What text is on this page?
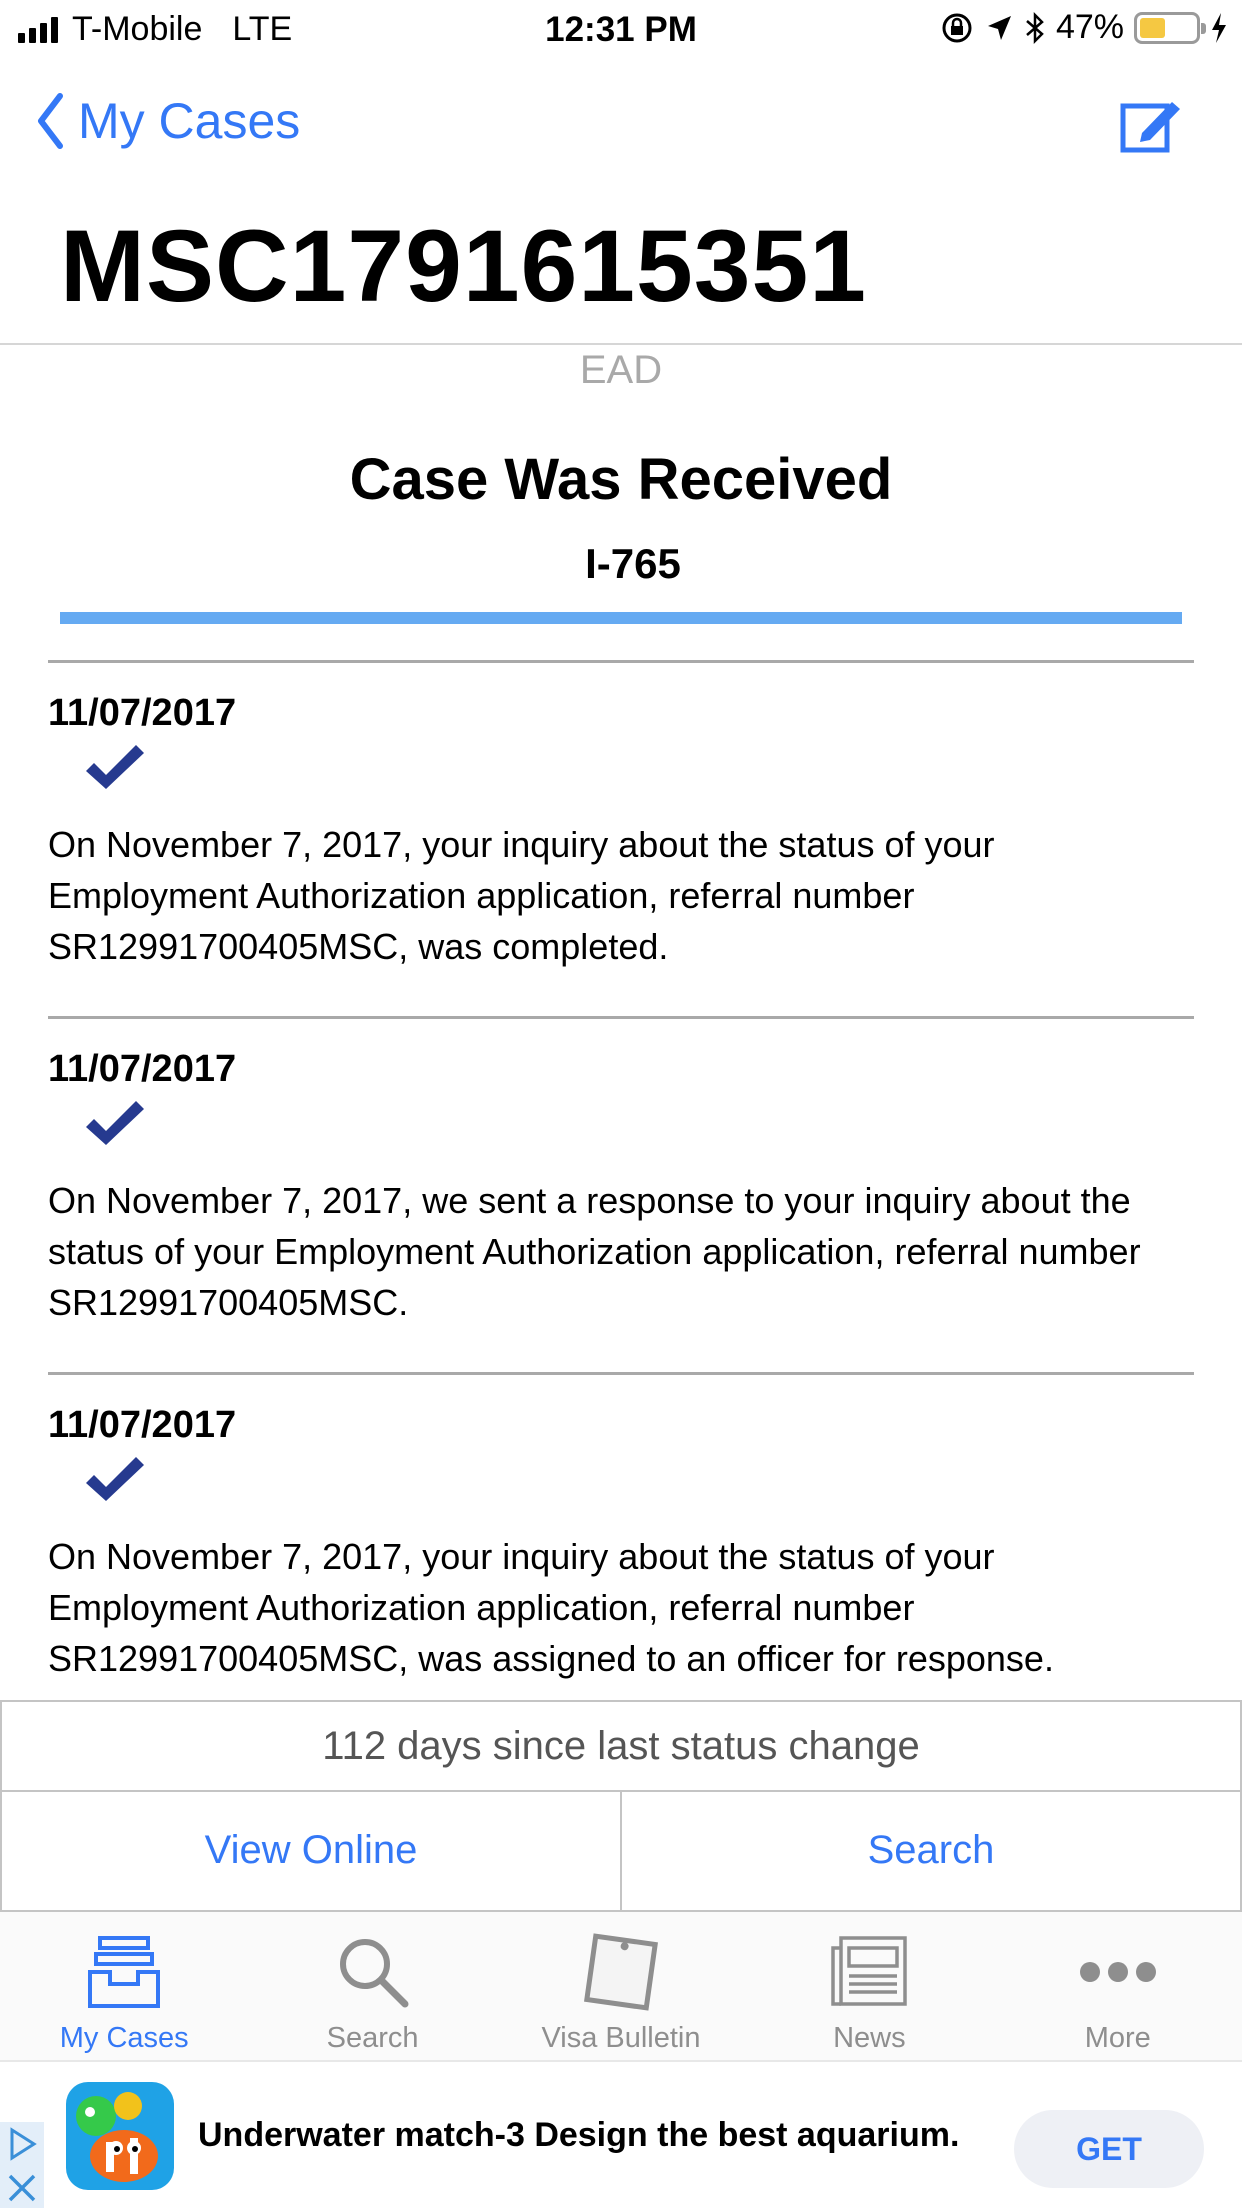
T-Mobile LTE	12:31 PM	47%
My Cases
MSC1791615351
EAD
Case Was Received
I-765
11/07/2017
On November 7, 2017, your inquiry about the status of your Employment Authorization application, referral number SR12991700405MSC, was completed.
11/07/2017
On November 7, 2017, we sent a response to your inquiry about the status of your Employment Authorization application, referral number SR12991700405MSC.
11/07/2017
On November 7, 2017, your inquiry about the status of your Employment Authorization application, referral number SR12991700405MSC, was assigned to an officer for response.
112 days since last status change
View Online	Search
My Cases	Search	Visa Bulletin	News	More
Underwater match-3 Design the best aquarium.	GET
